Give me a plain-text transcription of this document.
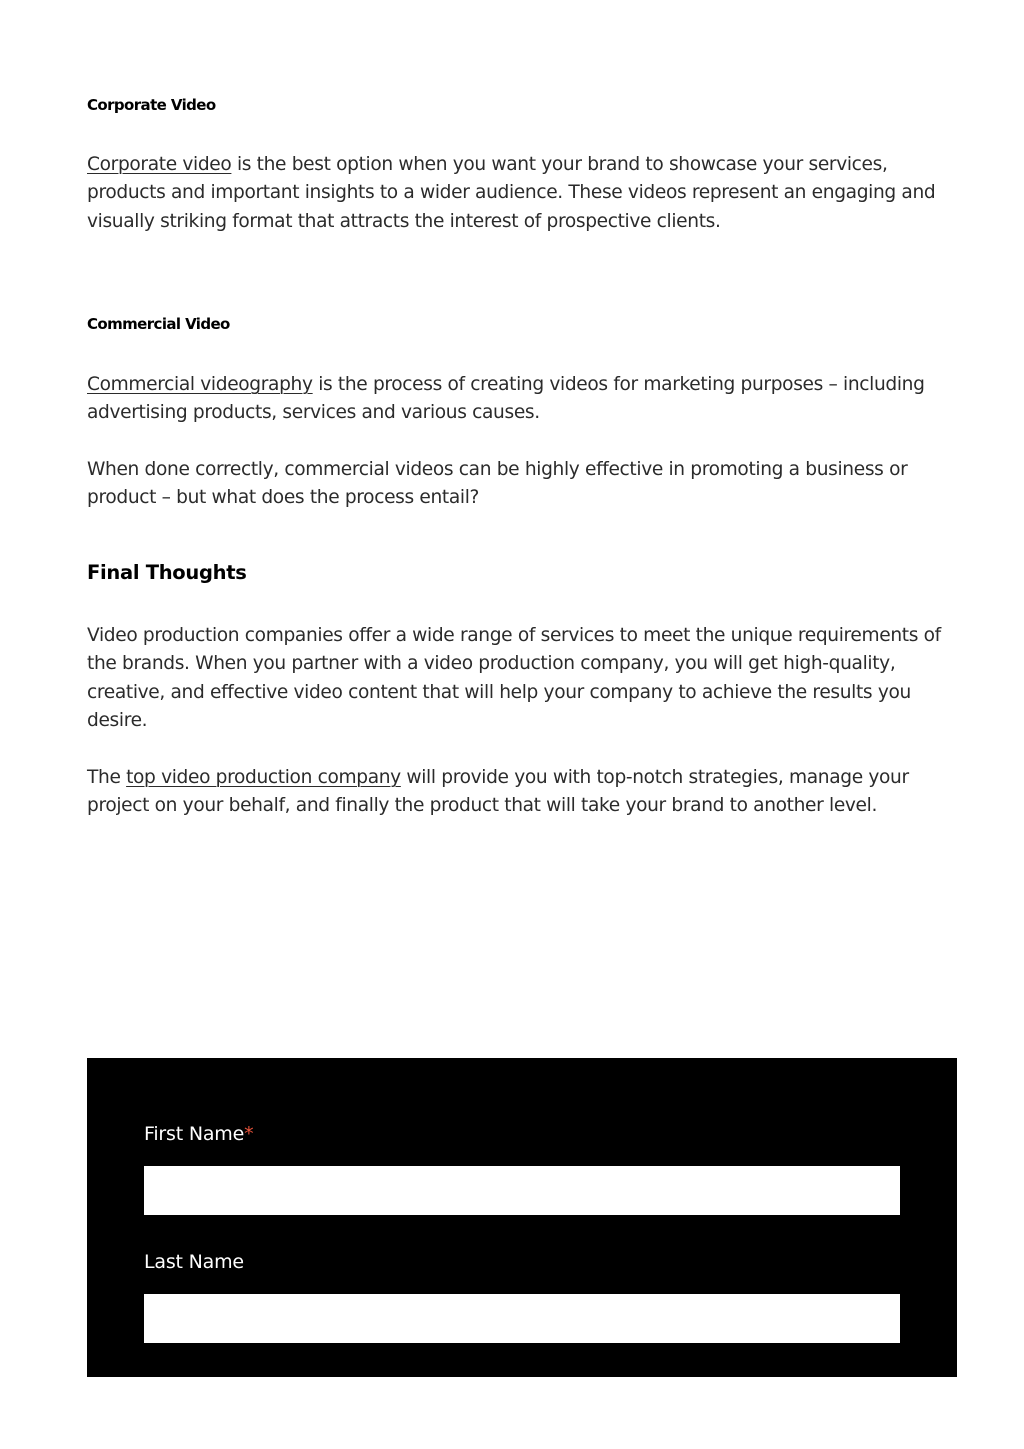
Corporate Video

Corporate video is the best option when you want your brand to showcase your services, products and important insights to a wider audience. These videos represent an engaging and visually striking format that attracts the interest of prospective clients.

Commercial Video

Commercial videography is the process of creating videos for marketing purposes – including advertising products, services and various causes.

When done correctly, commercial videos can be highly effective in promoting a business or product – but what does the process entail?

Final Thoughts

Video production companies offer a wide range of services to meet the unique requirements of the brands. When you partner with a video production company, you will get high-quality, creative, and effective video content that will help your company to achieve the results you desire.

The top video production company will provide you with top-notch strategies, manage your project on your behalf, and finally the product that will take your brand to another level.

First Name*
Last Name
